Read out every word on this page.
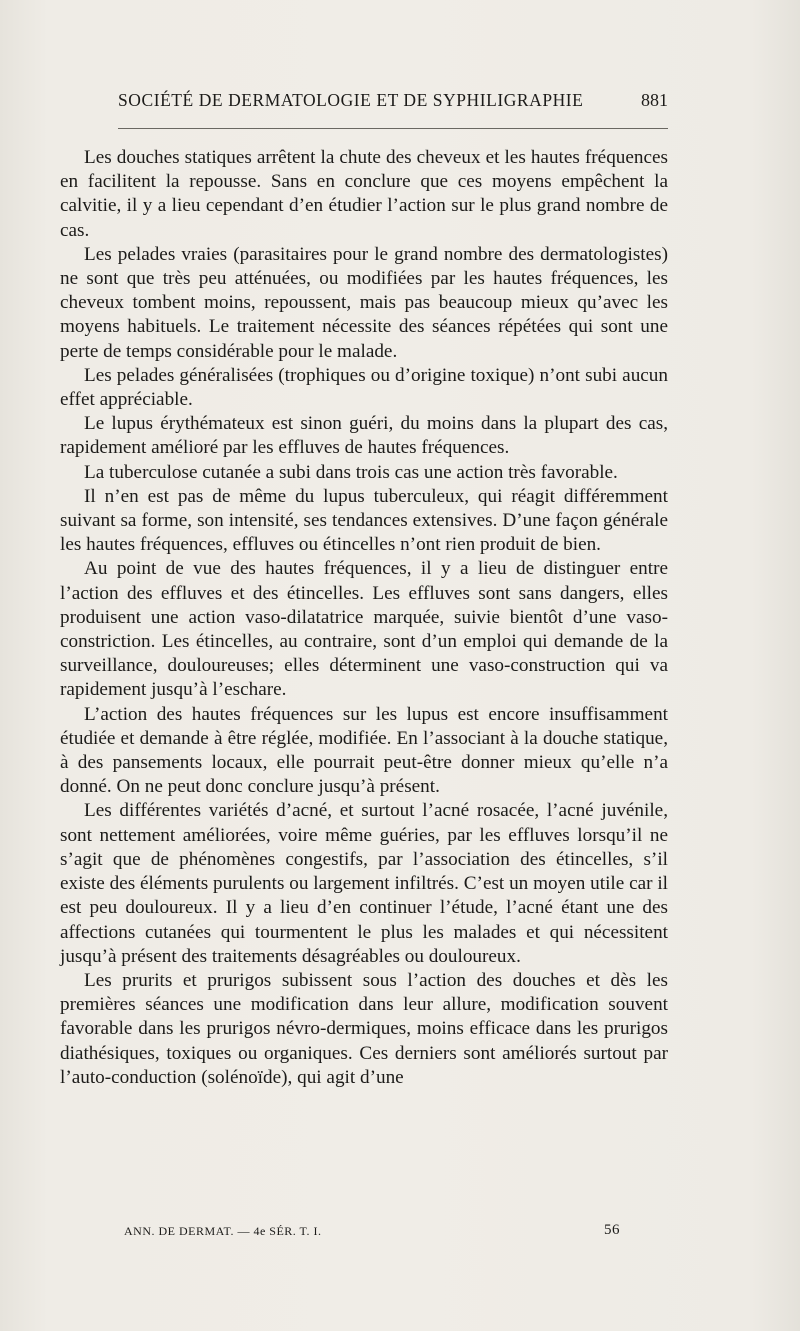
SOCIÉTÉ DE DERMATOLOGIE ET DE SYPHILIGRAPHIE	881

Les douches statiques arrêtent la chute des cheveux et les hautes fréquences en facilitent la repousse. Sans en conclure que ces moyens empêchent la calvitie, il y a lieu cependant d’en étudier l’action sur le plus grand nombre de cas.

Les pelades vraies (parasitaires pour le grand nombre des dermatologistes) ne sont que très peu atténuées, ou modifiées par les hautes fréquences, les cheveux tombent moins, repoussent, mais pas beaucoup mieux qu’avec les moyens habituels. Le traitement nécessite des séances répétées qui sont une perte de temps considérable pour le malade.

Les pelades généralisées (trophiques ou d’origine toxique) n’ont subi aucun effet appréciable.

Le lupus érythémateux est sinon guéri, du moins dans la plupart des cas, rapidement amélioré par les effluves de hautes fréquences.

La tuberculose cutanée a subi dans trois cas une action très favorable.

Il n’en est pas de même du lupus tuberculeux, qui réagit différemment suivant sa forme, son intensité, ses tendances extensives. D’une façon générale les hautes fréquences, effluves ou étincelles n’ont rien produit de bien.

Au point de vue des hautes fréquences, il y a lieu de distinguer entre l’action des effluves et des étincelles. Les effluves sont sans dangers, elles produisent une action vaso-dilatatrice marquée, suivie bientôt d’une vaso-constriction. Les étincelles, au contraire, sont d’un emploi qui demande de la surveillance, douloureuses; elles déterminent une vaso-construction qui va rapidement jusqu’à l’eschare.

L’action des hautes fréquences sur les lupus est encore insuffisamment étudiée et demande à être réglée, modifiée. En l’associant à la douche statique, à des pansements locaux, elle pourrait peut-être donner mieux qu’elle n’a donné. On ne peut donc conclure jusqu’à présent.

Les différentes variétés d’acné, et surtout l’acné rosacée, l’acné juvénile, sont nettement améliorées, voire même guéries, par les effluves lorsqu’il ne s’agit que de phénomènes congestifs, par l’association des étincelles, s’il existe des éléments purulents ou largement infiltrés. C’est un moyen utile car il est peu douloureux. Il y a lieu d’en continuer l’étude, l’acné étant une des affections cutanées qui tourmentent le plus les malades et qui nécessitent jusqu’à présent des traitements désagréables ou douloureux.

Les prurits et prurigos subissent sous l’action des douches et dès les premières séances une modification dans leur allure, modification souvent favorable dans les prurigos névro-dermiques, moins efficace dans les prurigos diathésiques, toxiques ou organiques. Ces derniers sont améliorés surtout par l’auto-conduction (solénoïde), qui agit d’une

ANN. DE DERMAT. — 4e SÉR. T. I.	56
